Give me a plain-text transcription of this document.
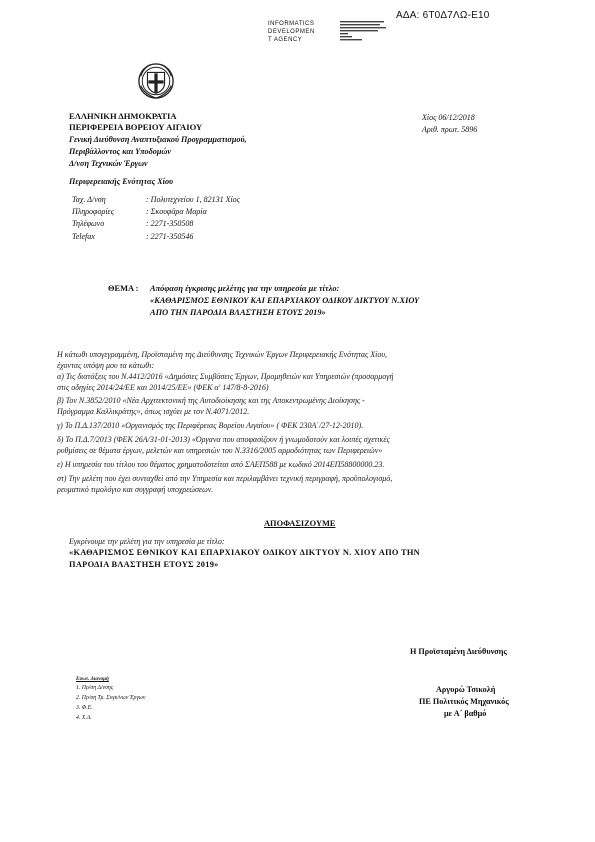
ΑΔΑ: 6Τ0Δ7ΛΩ-Ε10
INFORMATICS
DEVELOPMEN
T AGENCY
ΕΛΛΗΝΙΚΗ ΔΗΜΟΚΡΑΤΙΑ
ΠΕΡΙΦΕΡΕΙΑ ΒΟΡΕΙΟΥ ΑΙΓΑΙΟΥ
Γενική Διεύθυνση Αναπτυξιακού Προγραμματισμού,
Περιβάλλοντος και Υποδομών
Δ/νση Τεχνικών Έργων
Περιφερειακής Ενότητας Χίου
Χίος 06/12/2018
Αριθ. πρωτ. 5896
Ταχ. Δ/νση	: Πολυτεχνείου 1, 82131 Χίος
Πληροφορίες	: Σκουφάρα Μαρία
Τηλέφωνο	: 2271-350508
Telefax	: 2271-350546
ΘΕΜΑ : Απόφαση έγκρισης μελέτης για την υπηρεσία με τίτλο:
«ΚΑΘΑΡΙΣΜΟΣ ΕΘΝΙΚΟΥ ΚΑΙ ΕΠΑΡΧΙΑΚΟΥ ΟΔΙΚΟΥ ΔΙΚΤΥΟΥ Ν.ΧΙΟΥ
ΑΠΟ ΤΗΝ ΠΑΡΟΔΙΑ ΒΛΑΣΤΗΣΗ ΕΤΟΥΣ 2019»
Η κάτωθι υπογεγραμμένη, Προϊσταμένη της Διεύθυνσης Τεχνικών Έργων Περιφερειακής Ενότητας Χίου,
έχοντας υπόψη μου τα κάτωθι:
α) Τις διατάξεις του Ν.4412/2016 «Δημόσιες Συμβάσεις Έργων, Προμηθειών και Υπηρεσιών (προσαρμογή
στις οδηγίες 2014/24/ΕΕ και 2014/25/ΕΕ» (ΦΕΚ α' 147/8-8-2016)
β) Τον Ν.3852/2010 «Νέα Αρχιτεκτονική της Αυτοδιοίκησης και της Αποκεντρωμένης Διοίκησης -
Πρόγραμμα Καλλικράτης», όπως ισχύει με τον Ν.4071/2012.
γ) Το Π.Δ.137/2010 «Οργανισμός της Περιφέρειας Βορείου Αιγαίου» ( ΦΕΚ 230Α΄/27-12-2010).
δ) Το Π.Δ.7/2013 (ΦΕΚ 26Α/31-01-2013) «Όργανα που αποφασίζουν ή γνωμοδοτούν και λοιπές σχετικές
ρυθμίσεις σε θέματα έργων, μελετών και υπηρεσιών του Ν.3316/2005 αρμοδιότητας των Περιφερειών»
ε) Η υπηρεσία του τίτλου του θέματος χρηματοδοτείται από ΣΑΕΠ588 με κωδικό 2014ΕΠ58800000.23.
στ) Την μελέτη που έχει συνταχθεί από την Υπηρεσία και περιλαμβάνει τεχνική περιγραφή, προϋπολογισμό,
ρευματικό τιμολόγιο και συγγραφή υποχρεώσεων.
ΑΠΟΦΑΣΙΖΟΥΜΕ
Εγκρίνουμε την μελέτη για την υπηρεσία με τίτλο:
«ΚΑΘΑΡΙΣΜΟΣ ΕΘΝΙΚΟΥ ΚΑΙ ΕΠΑΡΧΙΑΚΟΥ ΟΔΙΚΟΥ ΔΙΚΤΥΟΥ Ν. ΧΙΟΥ ΑΠΟ ΤΗΝ
ΠΑΡΟΔΙΑ ΒΛΑΣΤΗΣΗ ΕΤΟΥΣ 2019»
Η Προϊσταμένη Διεύθυνσης
Αργυρώ Τσικολή
ΠΕ Πολιτικός Μηχανικός
με Α΄ βαθμό
Εσωτ. Διανομή
1. Πρ/ση Δ/νσης
2. Πρ/ση Τμ. Συγκ/νων Έργων
3. Φ.Ε.
4. Χ.Α.
